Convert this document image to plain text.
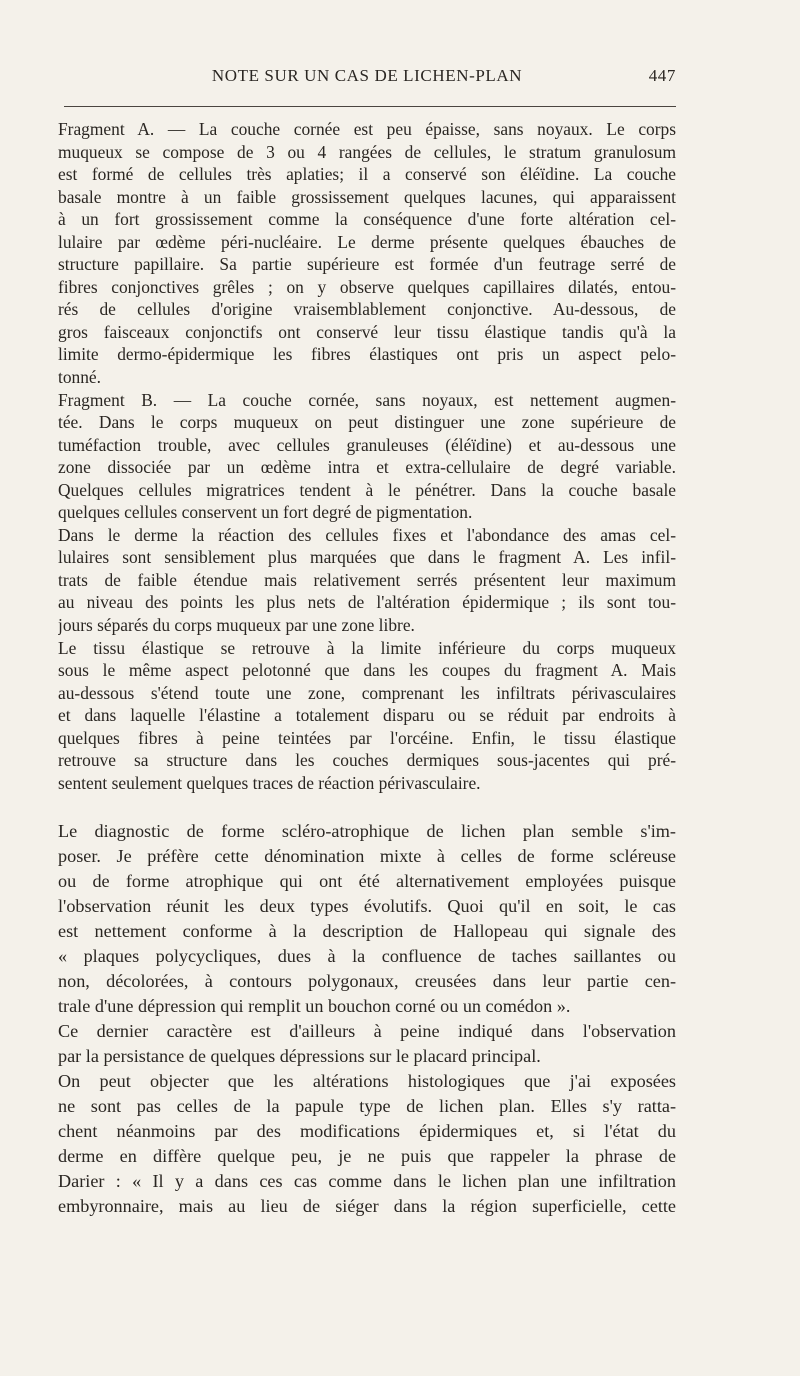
NOTE SUR UN CAS DE LICHEN-PLAN	447
Fragment A. — La couche cornée est peu épaisse, sans noyaux. Le corps
muqueux se compose de 3 ou 4 rangées de cellules, le stratum granulosum
est formé de cellules très aplaties; il a conservé son éléïdine. La couche
basale montre à un faible grossissement quelques lacunes, qui apparaissent
à un fort grossissement comme la conséquence d'une forte altération cel-
lulaire par œdème péri-nucléaire. Le derme présente quelques ébauches de
structure papillaire. Sa partie supérieure est formée d'un feutrage serré de
fibres conjonctives grêles ; on y observe quelques capillaires dilatés, entou-
rés de cellules d'origine vraisemblablement conjonctive. Au-dessous, de
gros faisceaux conjonctifs ont conservé leur tissu élastique tandis qu'à la
limite dermo-épidermique les fibres élastiques ont pris un aspect pelo-
tonné.
Fragment B. — La couche cornée, sans noyaux, est nettement augmen-
tée. Dans le corps muqueux on peut distinguer une zone supérieure de
tuméfaction trouble, avec cellules granuleuses (éléïdine) et au-dessous une
zone dissociée par un œdème intra et extra-cellulaire de degré variable.
Quelques cellules migratrices tendent à le pénétrer. Dans la couche basale
quelques cellules conservent un fort degré de pigmentation.
Dans le derme la réaction des cellules fixes et l'abondance des amas cel-
lulaires sont sensiblement plus marquées que dans le fragment A. Les infil-
trats de faible étendue mais relativement serrés présentent leur maximum
au niveau des points les plus nets de l'altération épidermique ; ils sont tou-
jours séparés du corps muqueux par une zone libre.
Le tissu élastique se retrouve à la limite inférieure du corps muqueux
sous le même aspect pelotonné que dans les coupes du fragment A. Mais
au-dessous s'étend toute une zone, comprenant les infiltrats périvasculaires
et dans laquelle l'élastine a totalement disparu ou se réduit par endroits à
quelques fibres à peine teintées par l'orcéine. Enfin, le tissu élastique
retrouve sa structure dans les couches dermiques sous-jacentes qui pré-
sentent seulement quelques traces de réaction périvasculaire.
Le diagnostic de forme scléro-atrophique de lichen plan semble s'im-
poser. Je préfère cette dénomination mixte à celles de forme scléreuse
ou de forme atrophique qui ont été alternativement employées puisque
l'observation réunit les deux types évolutifs. Quoi qu'il en soit, le cas
est nettement conforme à la description de Hallopeau qui signale des
« plaques polycycliques, dues à la confluence de taches saillantes ou
non, décolorées, à contours polygonaux, creusées dans leur partie cen-
trale d'une dépression qui remplit un bouchon corné ou un comédon ».
Ce dernier caractère est d'ailleurs à peine indiqué dans l'observation
par la persistance de quelques dépressions sur le placard principal.
On peut objecter que les altérations histologiques que j'ai exposées
ne sont pas celles de la papule type de lichen plan. Elles s'y ratta-
chent néanmoins par des modifications épidermiques et, si l'état du
derme en diffère quelque peu, je ne puis que rappeler la phrase de
Darier : « Il y a dans ces cas comme dans le lichen plan une infiltration
embyronnaire, mais au lieu de siéger dans la région superficielle, cette
